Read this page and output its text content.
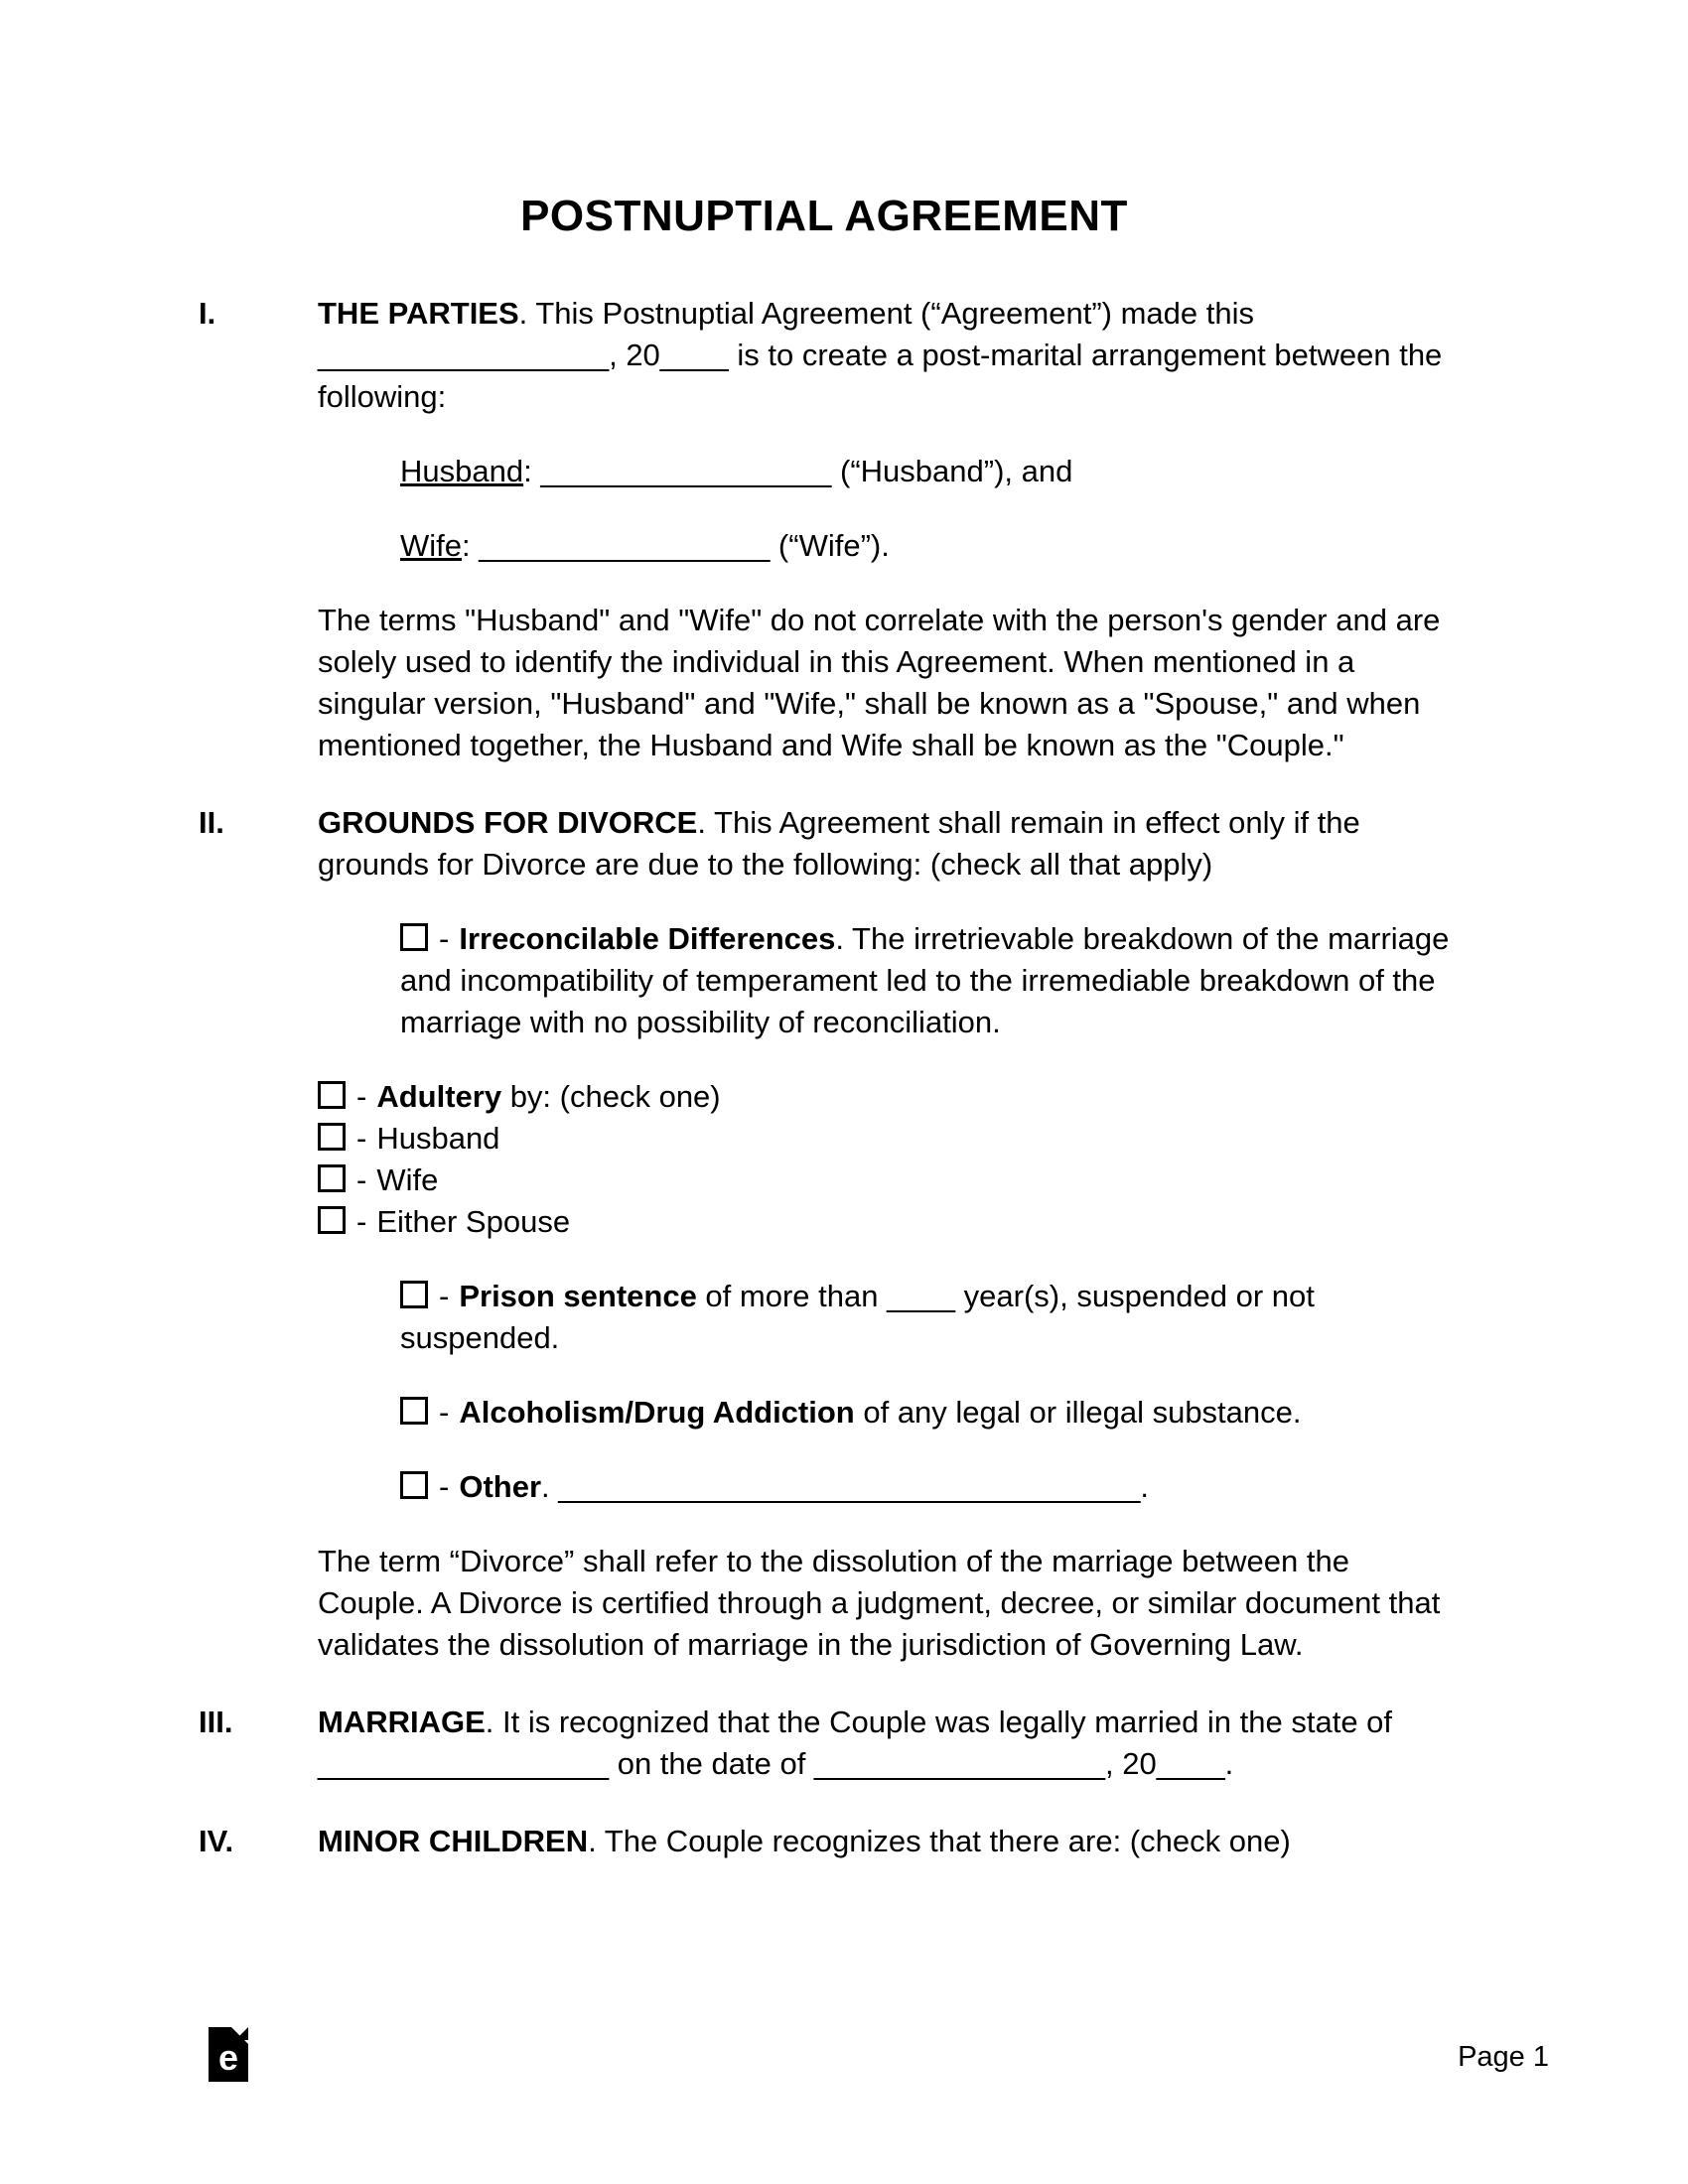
POSTNUPTIAL AGREEMENT
I.	THE PARTIES. This Postnuptial Agreement (“Agreement”) made this _________________, 20____ is to create a post-marital arrangement between the following:

Husband: _________________ (“Husband”), and

Wife: _________________ (“Wife”).

The terms "Husband" and "Wife" do not correlate with the person's gender and are solely used to identify the individual in this Agreement. When mentioned in a singular version, "Husband" and "Wife," shall be known as a "Spouse," and when mentioned together, the Husband and Wife shall be known as the "Couple."

II.	GROUNDS FOR DIVORCE. This Agreement shall remain in effect only if the grounds for Divorce are due to the following: (check all that apply)

- Irreconcilable Differences. The irretrievable breakdown of the marriage and incompatibility of temperament led to the irremediable breakdown of the marriage with no possibility of reconciliation.

- Adultery by: (check one)

- Husband

- Wife

- Either Spouse

- Prison sentence of more than ____ year(s), suspended or not suspended.

- Alcoholism/Drug Addiction of any legal or illegal substance.

- Other. __________________________________.

The term “Divorce” shall refer to the dissolution of the marriage between the Couple. A Divorce is certified through a judgment, decree, or similar document that validates the dissolution of marriage in the jurisdiction of Governing Law.

III.	MARRIAGE. It is recognized that the Couple was legally married in the state of _________________ on the date of _________________, 20____.

IV.	MINOR CHILDREN. The Couple recognizes that there are: (check one)

e	Page 1
